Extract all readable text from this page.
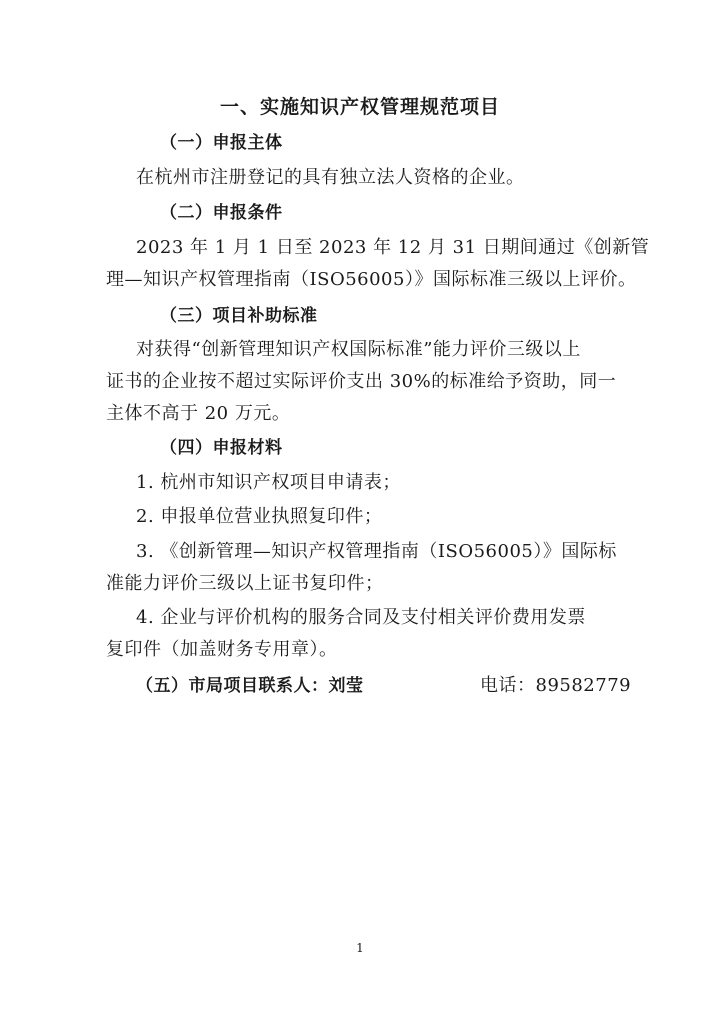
一、实施知识产权管理规范项目
（一）申报主体
在杭州市注册登记的具有独立法人资格的企业。
（二）申报条件
2023 年 1 月 1 日至 2023 年 12 月 31 日期间通过《创新管
理—知识产权管理指南（ISO56005）》国际标准三级以上评价。
（三）项目补助标准
对获得“创新管理知识产权国际标准”能力评价三级以上
证书的企业按不超过实际评价支出 30%的标准给予资助，同一
主体不高于 20 万元。
（四）申报材料
1. 杭州市知识产权项目申请表；
2. 申报单位营业执照复印件；
3. 《创新管理—知识产权管理指南（ISO56005）》国际标
准能力评价三级以上证书复印件；
4. 企业与评价机构的服务合同及支付相关评价费用发票
复印件（加盖财务专用章）。
（五）市局项目联系人：刘莹	电话：89582779
1
